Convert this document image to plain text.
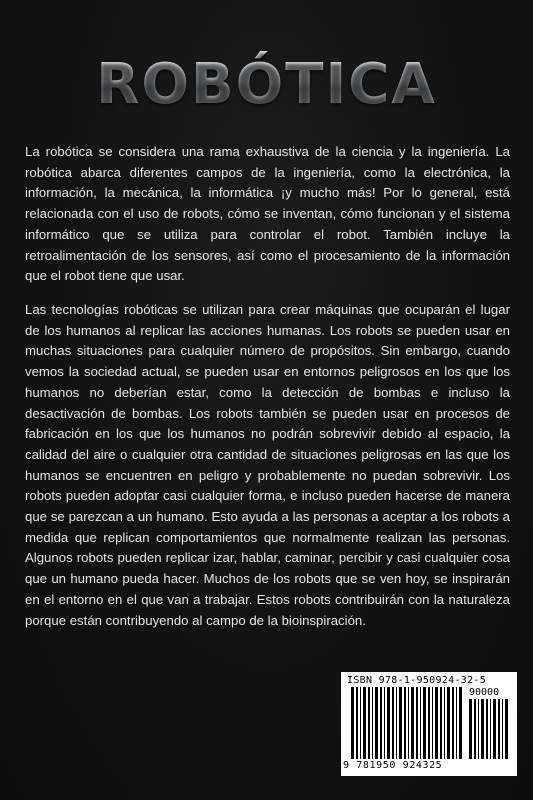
ROBÓTICA

La robótica se considera una rama exhaustiva de la ciencia y la ingeniería. La robótica abarca diferentes campos de la ingeniería, como la electrónica, la información, la mecánica, la informática ¡y mucho más! Por lo general, está relacionada con el uso de robots, cómo se inventan, cómo funcionan y el sistema informático que se utiliza para controlar el robot. También incluye la retroalimentación de los sensores, así como el procesamiento de la información que el robot tiene que usar.

Las tecnologías robóticas se utilizan para crear máquinas que ocuparán el lugar de los humanos al replicar las acciones humanas. Los robots se pueden usar en muchas situaciones para cualquier número de propósitos. Sin embargo, cuando vemos la sociedad actual, se pueden usar en entornos peligrosos en los que los humanos no deberían estar, como la detección de bombas e incluso la desactivación de bombas. Los robots también se pueden usar en procesos de fabricación en los que los humanos no podrán sobrevivir debido al espacio, la calidad del aire o cualquier otra cantidad de situaciones peligrosas en las que los humanos se encuentren en peligro y probablemente no puedan sobrevivir. Los robots pueden adoptar casi cualquier forma, e incluso pueden hacerse de manera que se parezcan a un humano. Esto ayuda a las personas a aceptar a los robots a medida que replican comportamientos que normalmente realizan las personas. Algunos robots pueden replicar izar, hablar, caminar, percibir y casi cualquier cosa que un humano pueda hacer. Muchos de los robots que se ven hoy, se inspirarán en el entorno en el que van a trabajar. Estos robots contribuirán con la naturaleza porque están contribuyendo al campo de la bioinspiración.

ISBN 978-1-950924-32-5
90000
9 781950 924325
